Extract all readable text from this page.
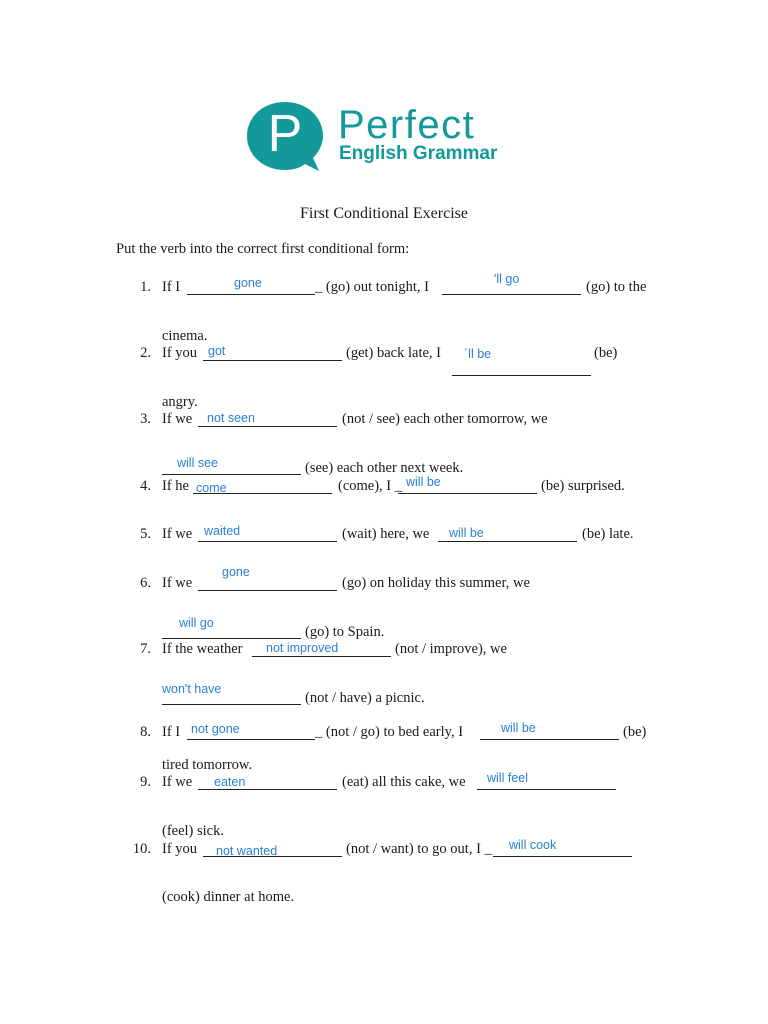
P Perfect
English Grammar
First Conditional Exercise
Put the verb into the correct first conditional form:
1. If I	gone	_ (go) out tonight, I	'll go	(go) to the
cinema.
2. If you got	(get) back late, I ´ll be	(be)
angry.
3. If we not seen	(not / see) each other tomorrow, we
will see	(see) each other next week.
4. If he come	(come), I _ will be	(be) surprised.
5. If we waited	(wait) here, we will be	(be) late.
6. If we
gone
(go) on holiday this summer, we
will go
(go) to Spain.
7. If the weather not improved	(not / improve), we
won't have
(not / have) a picnic.
8. If I not gone	_ (not / go) to bed early, I	will be	(be)
tired tomorrow.
9. If we eaten	(eat) all this cake, we will feel
(feel) sick.
10. If you not wanted	(not / want) to go out, I _ will cook
(cook) dinner at home.
